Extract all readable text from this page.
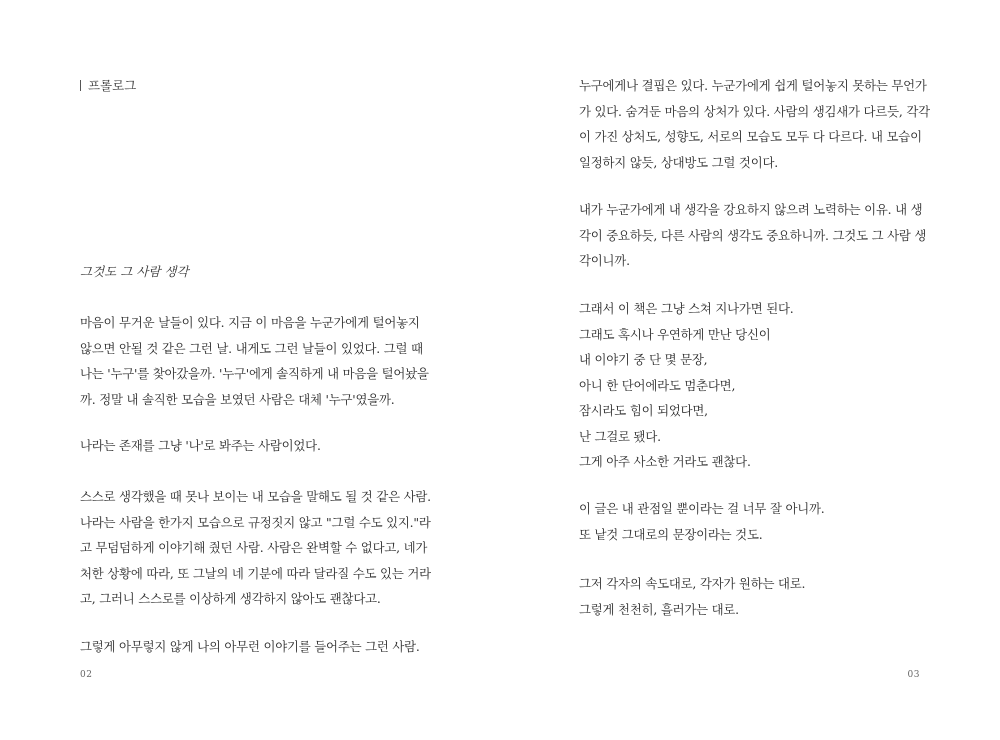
프롤로그
그것도 그 사람 생각
마음이 무거운 날들이 있다. 지금 이 마음을 누군가에게 털어놓지
않으면 안될 것 같은 그런 날. 내게도 그런 날들이 있었다. 그럴 때
나는 '누구'를 찾아갔을까. '누구'에게 솔직하게 내 마음을 털어놨을
까. 정말 내 솔직한 모습을 보였던 사람은 대체 '누구'였을까.
나라는 존재를 그냥 '나'로 봐주는 사람이었다.
스스로 생각했을 때 못나 보이는 내 모습을 말해도 될 것 같은 사람.
나라는 사람을 한가지 모습으로 규정짓지 않고 "그럴 수도 있지."라
고 무덤덤하게 이야기해 줬던 사람. 사람은 완벽할 수 없다고, 네가
처한 상황에 따라, 또 그날의 네 기분에 따라 달라질 수도 있는 거라
고, 그러니 스스로를 이상하게 생각하지 않아도 괜찮다고.
그렇게 아무렇지 않게 나의 아무런 이야기를 들어주는 그런 사람.
02
누구에게나 결핍은 있다. 누군가에게 쉽게 털어놓지 못하는 무언가
가 있다. 숨겨둔 마음의 상처가 있다. 사람의 생김새가 다르듯, 각각
이 가진 상처도, 성향도, 서로의 모습도 모두 다 다르다. 내 모습이
일정하지 않듯, 상대방도 그럴 것이다.
내가 누군가에게 내 생각을 강요하지 않으려 노력하는 이유. 내 생
각이 중요하듯, 다른 사람의 생각도 중요하니까. 그것도 그 사람 생
각이니까.
그래서 이 책은 그냥 스쳐 지나가면 된다.
그래도 혹시나 우연하게 만난 당신이
내 이야기 중 단 몇 문장,
아니 한 단어에라도 멈춘다면,
잠시라도 힘이 되었다면,
난 그걸로 됐다.
그게 아주 사소한 거라도 괜찮다.
이 글은 내 관점일 뿐이라는 걸 너무 잘 아니까.
또 낱것 그대로의 문장이라는 것도.
그저 각자의 속도대로, 각자가 원하는 대로.
그렇게 천천히, 흘러가는 대로.
03
